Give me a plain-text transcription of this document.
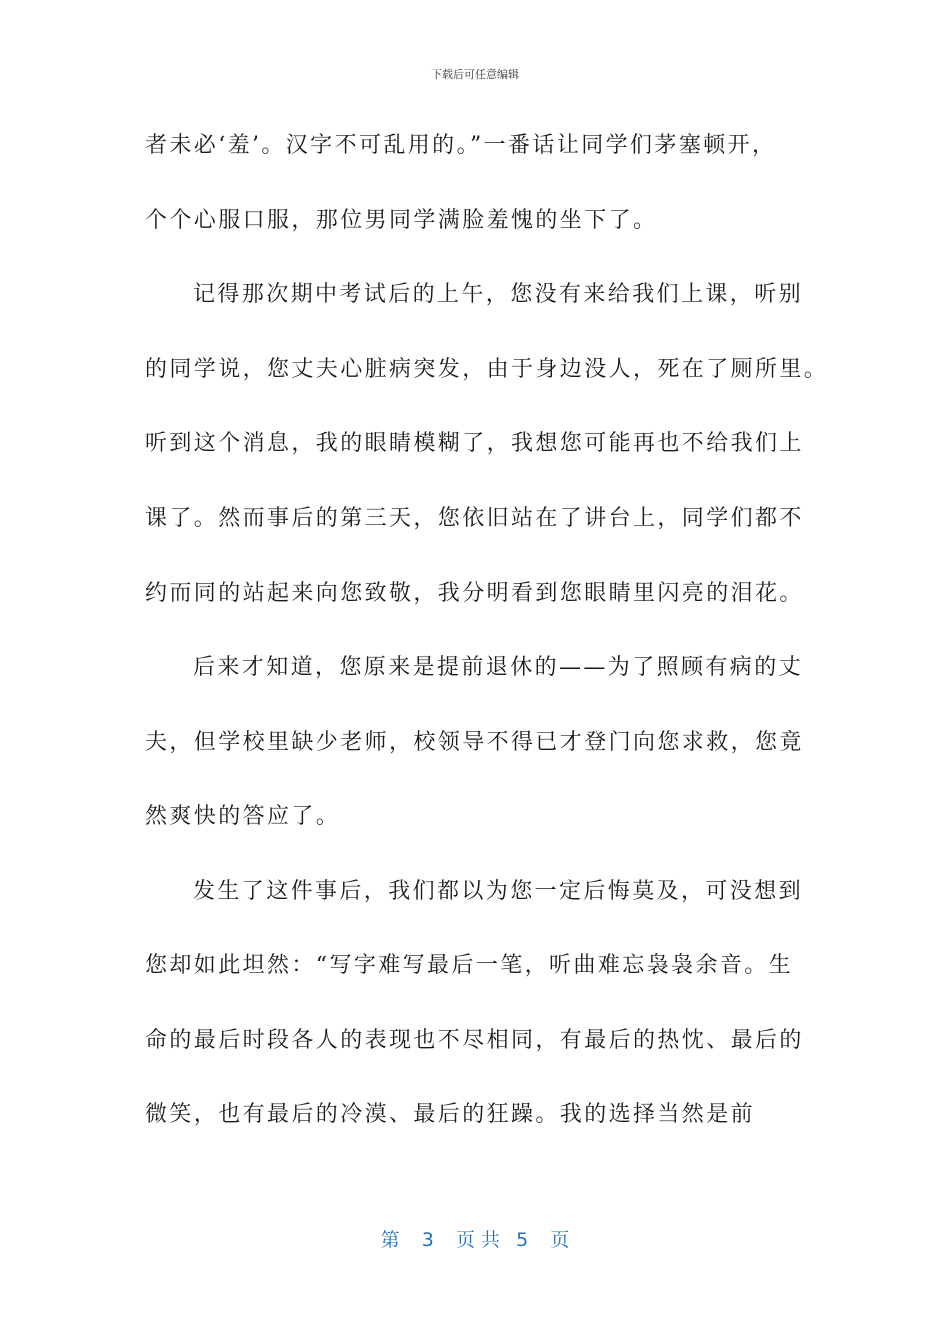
下载后可任意编辑
者未必‘羞’。汉字不可乱用的。”一番话让同学们茅塞顿开，
个个心服口服，那位男同学满脸羞愧的坐下了。
记得那次期中考试后的上午，您没有来给我们上课，听别
的同学说，您丈夫心脏病突发，由于身边没人，死在了厕所里。
听到这个消息，我的眼睛模糊了，我想您可能再也不给我们上
课了。然而事后的第三天，您依旧站在了讲台上，同学们都不
约而同的站起来向您致敬，我分明看到您眼睛里闪亮的泪花。
后来才知道，您原来是提前退休的——为了照顾有病的丈
夫，但学校里缺少老师，校领导不得已才登门向您求救，您竟
然爽快的答应了。
发生了这件事后，我们都以为您一定后悔莫及，可没想到
您却如此坦然：“写字难写最后一笔，听曲难忘袅袅余音。生
命的最后时段各人的表现也不尽相同，有最后的热忱、最后的
微笑，也有最后的冷漠、最后的狂躁。我的选择当然是前
第 3 页 共 5 页
